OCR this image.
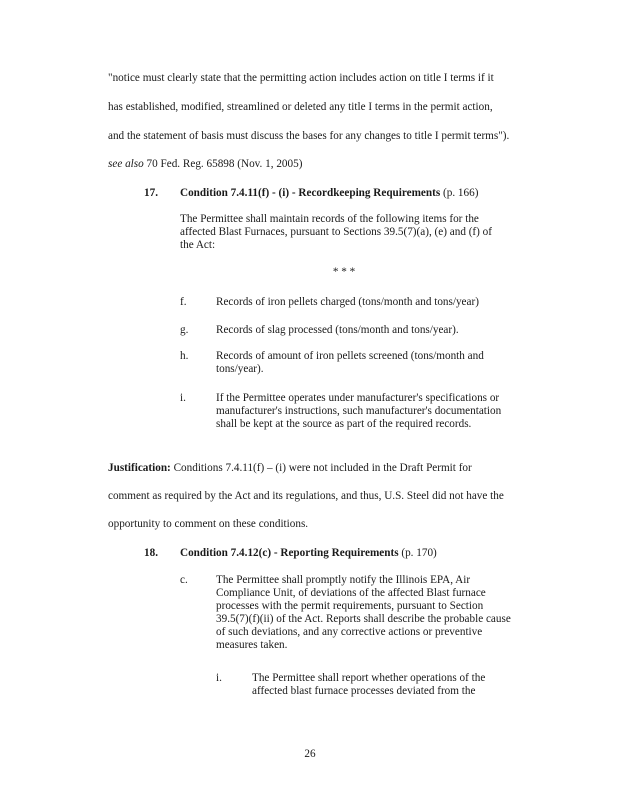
"notice must clearly state that the permitting action includes action on title I terms if it
has established, modified, streamlined or deleted any title I terms in the permit action,
and the statement of basis must discuss the bases for any changes to title I permit terms").
see also 70 Fed. Reg. 65898 (Nov. 1, 2005)
17. Condition 7.4.11(f) - (i) - Recordkeeping Requirements (p. 166)
The Permittee shall maintain records of the following items for the affected Blast Furnaces, pursuant to Sections 39.5(7)(a), (e) and (f) of the Act:
* * *
f.	Records of iron pellets charged (tons/month and tons/year)
g. Records of slag processed (tons/month and tons/year).
h. Records of amount of iron pellets screened (tons/month and tons/year).
i.	If the Permittee operates under manufacturer's specifications or manufacturer's instructions, such manufacturer's documentation shall be kept at the source as part of the required records.
Justification: Conditions 7.4.11(f) – (i) were not included in the Draft Permit for
comment as required by the Act and its regulations, and thus, U.S. Steel did not have the
opportunity to comment on these conditions.
18. Condition 7.4.12(c) - Reporting Requirements (p. 170)
c.	The Permittee shall promptly notify the Illinois EPA, Air Compliance Unit, of deviations of the affected Blast furnace processes with the permit requirements, pursuant to Section 39.5(7)(f)(ii) of the Act. Reports shall describe the probable cause of such deviations, and any corrective actions or preventive measures taken.
i.	The Permittee shall report whether operations of the affected blast furnace processes deviated from the
26
